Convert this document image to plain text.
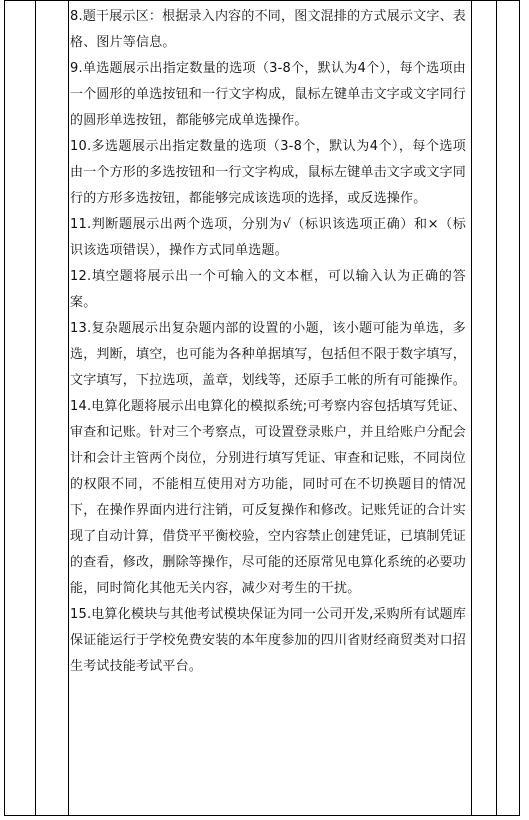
8.题干展示区：根据录入内容的不同，图文混排的方式展示文字、表格、图片等信息。

9.单选题展示出指定数量的选项（3-8个，默认为4个），每个选项由一个圆形的单选按钮和一行文字构成，鼠标左键单击文字或文字同行的圆形单选按钮，都能够完成单选操作。

10.多选题展示出指定数量的选项（3-8个，默认为4个），每个选项由一个方形的多选按钮和一行文字构成，鼠标左键单击文字或文字同行的方形多选按钮，都能够完成该选项的选择，或反选操作。

11.判断题展示出两个选项，分别为√（标识该选项正确）和×（标识该选项错误），操作方式同单选题。

12.填空题将展示出一个可输入的文本框，可以输入认为正确的答案。

13.复杂题展示出复杂题内部的设置的小题，该小题可能为单选，多选，判断，填空，也可能为各种单据填写，包括但不限于数字填写，文字填写，下拉选项，盖章，划线等，还原手工帐的所有可能操作。

14.电算化题将展示出电算化的模拟系统;可考察内容包括填写凭证、审查和记账。针对三个考察点，可设置登录账户，并且给账户分配会计和会计主管两个岗位，分别进行填写凭证、审查和记账，不同岗位的权限不同，不能相互使用对方功能，同时可在不切换题目的情况下，在操作界面内进行注销，可反复操作和修改。记账凭证的合计实现了自动计算，借贷平平衡校验，空内容禁止创建凭证，已填制凭证的查看，修改，删除等操作，尽可能的还原常见电算化系统的必要功能，同时简化其他无关内容，减少对考生的干扰。

15.电算化模块与其他考试模块保证为同一公司开发,采购所有试题库保证能运行于学校免费安装的本年度参加的四川省财经商贸类对口招生考试技能考试平台。
